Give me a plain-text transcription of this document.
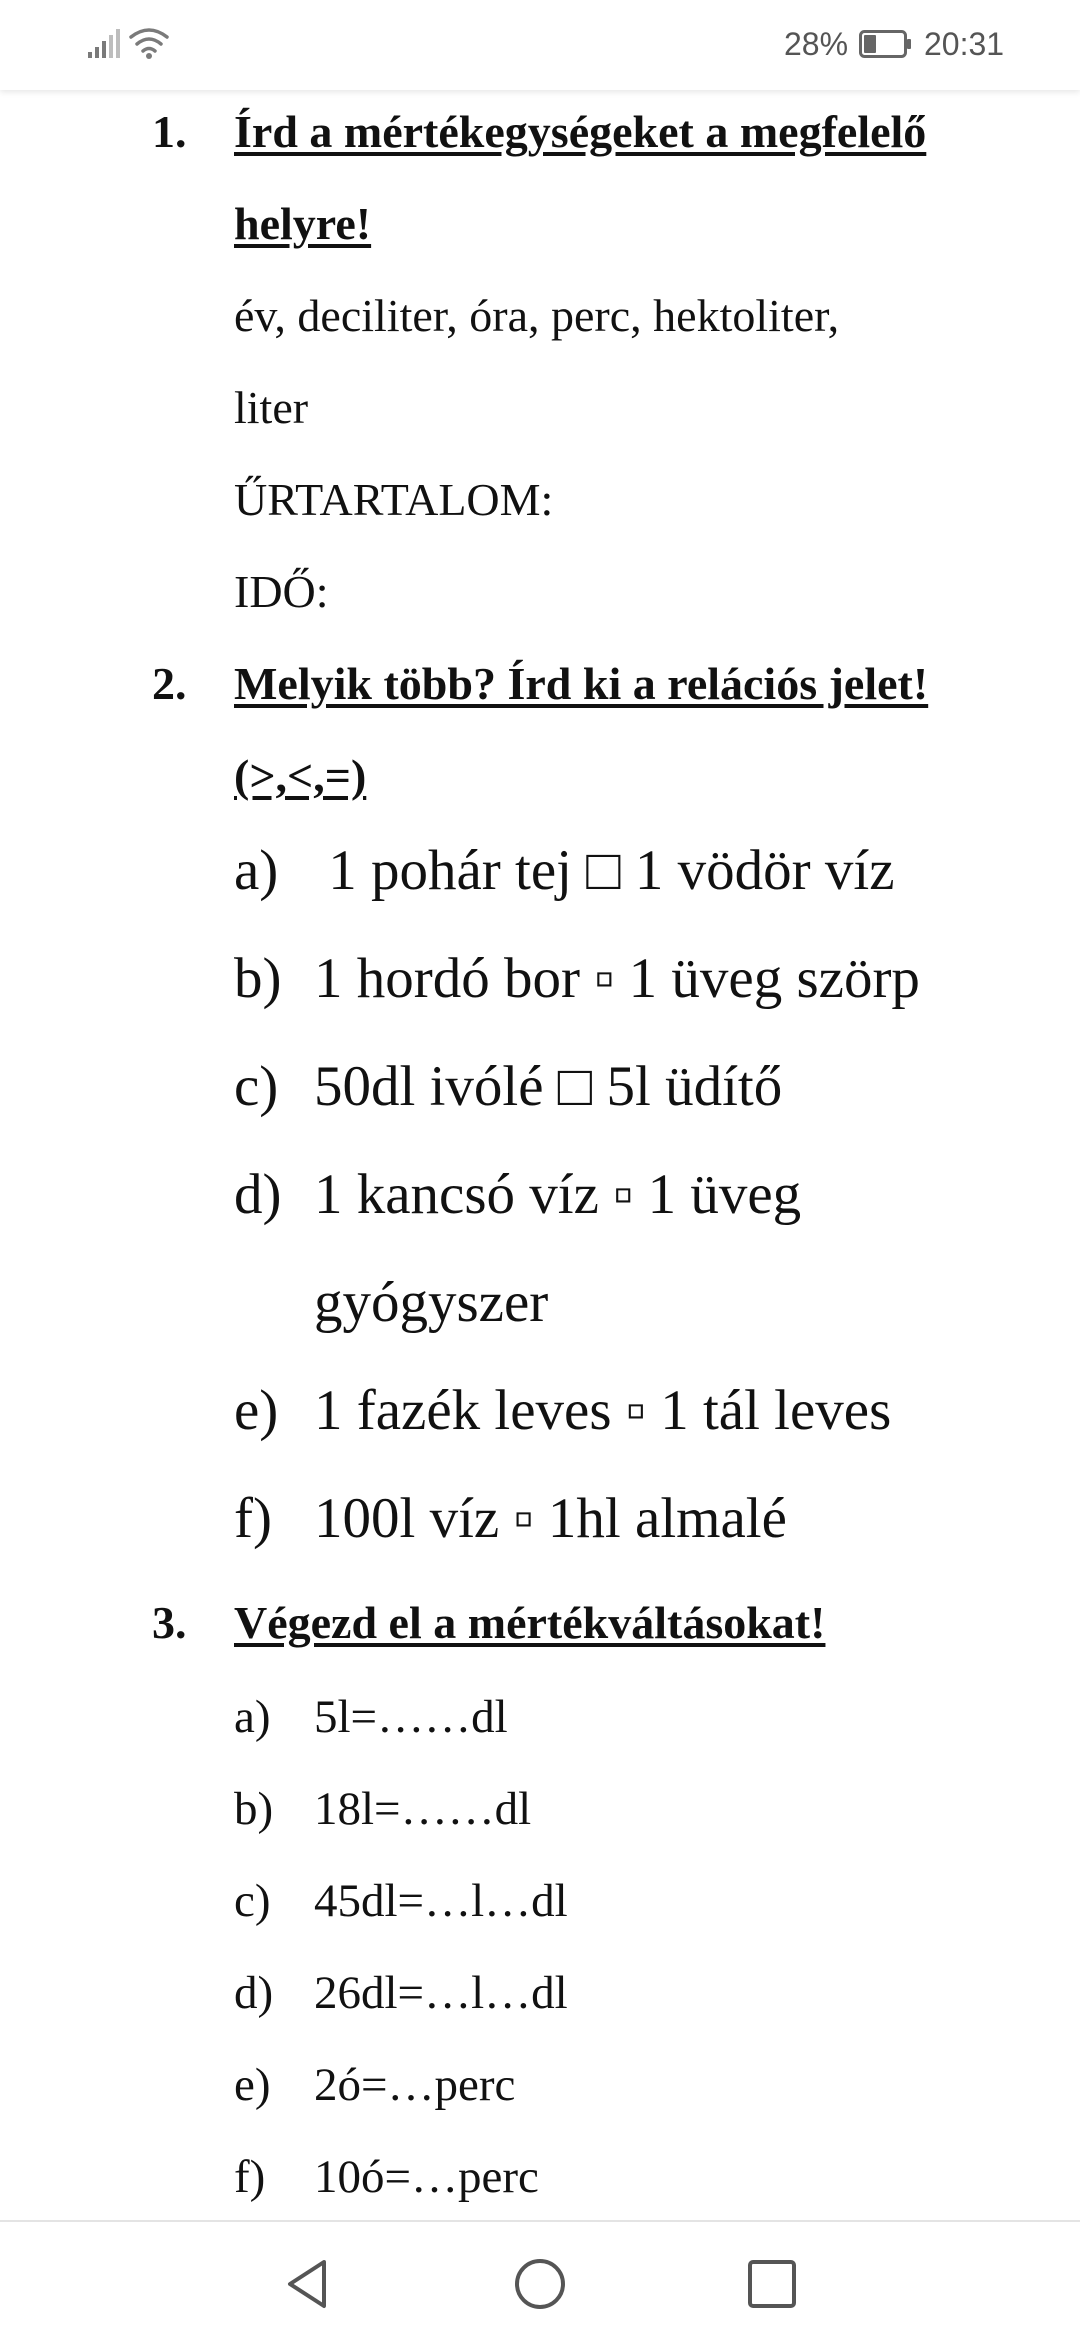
28% 20:31
1. Írd a mértékegységeket a megfelelő
helyre!
év, deciliter, óra, perc, hektoliter,
liter
ŰRTARTALOM:
IDŐ:
2. Melyik több? Írd ki a relációs jelet!
(>,<,=)
a) 1 pohár tej □ 1 vödör víz
b) 1 hordó bor ▫ 1 üveg szörp
c) 50dl ivólé □ 5l üdítő
d) 1 kancsó víz ▫ 1 üveg
gyógyszer
e) 1 fazék leves ▫ 1 tál leves
f) 100l víz ▫ 1hl almalé
3. Végezd el a mértékváltásokat!
a) 5l=……dl
b) 18l=……dl
c) 45dl=…l…dl
d) 26dl=…l…dl
e) 2ó=…perc
f) 10ó=…perc
